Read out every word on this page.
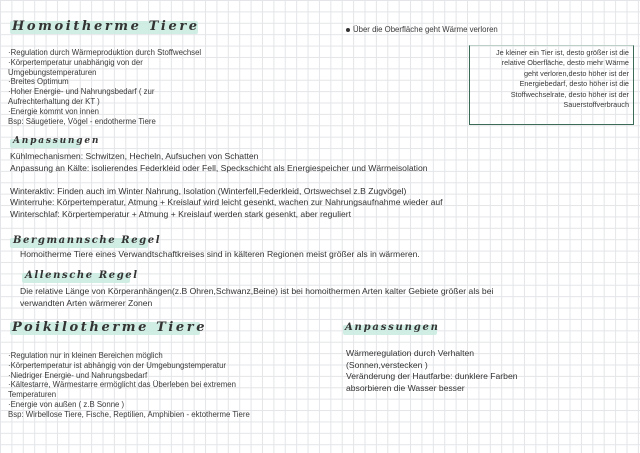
Homoitherme Tiere
·Regulation durch Wärmeproduktion durch Stoffwechsel
·Körpertemperatur unabhängig von der
Umgebungstemperaturen
·Breites Optimum
·Hoher Energie- und Nahrungsbedarf ( zur
Aufrechterhaltung der KT )
·Energie kommt von innen
Bsp: Säugetiere, Vögel - endotherme Tiere
Über die Oberfläche geht Wärme verloren
Je kleiner ein Tier ist, desto größer ist die
relative Oberfläche, desto mehr Wärme
geht verloren,desto höher ist der
Energiebedarf, desto höher ist die
Stoffwechselrate, desto höher ist der
Sauerstoffverbrauch
Anpassungen
Kühlmechanismen: Schwitzen, Hecheln, Aufsuchen von Schatten
Anpassung an Kälte: isolierendes Federkleid oder Fell, Speckschicht als Energiespeicher und Wärmeisolation
Winteraktiv: Finden auch im Winter Nahrung, Isolation (Winterfell,Federkleid, Ortswechsel z.B Zugvögel)
Winterruhe: Körpertemperatur, Atmung + Kreislauf wird leicht gesenkt, wachen zur Nahrungsaufnahme wieder auf
Winterschlaf: Körpertemperatur + Atmung + Kreislauf werden stark gesenkt, aber reguliert
Bergmannsche Regel
Homoitherme Tiere eines Verwandtschaftkreises sind in kälteren Regionen meist größer als in wärmeren.
Allensche Regel
Die relative Länge von Körperanhängen(z.B Ohren,Schwanz,Beine) ist bei homoithermen Arten kalter Gebiete größer als bei
verwandten Arten wärmerer Zonen
Poikilotherme Tiere
·Regulation nur in kleinen Bereichen möglich
·Körpertemperatur ist abhängig von der Umgebungstemperatur
·Niedriger Energie- und Nahrungsbedarf
·Kältestarre, Wärmestarre ermöglicht das Überleben bei extremen
Temperaturen
·Energie von außen ( z.B Sonne )
Bsp: Wirbellose Tiere, Fische, Reptilien, Amphibien - ektotherme Tiere
Anpassungen
Wärmeregulation durch Verhalten
(Sonnen,verstecken )
Veränderung der Hautfarbe: dunklere Farben
absorbieren die Wasser besser
